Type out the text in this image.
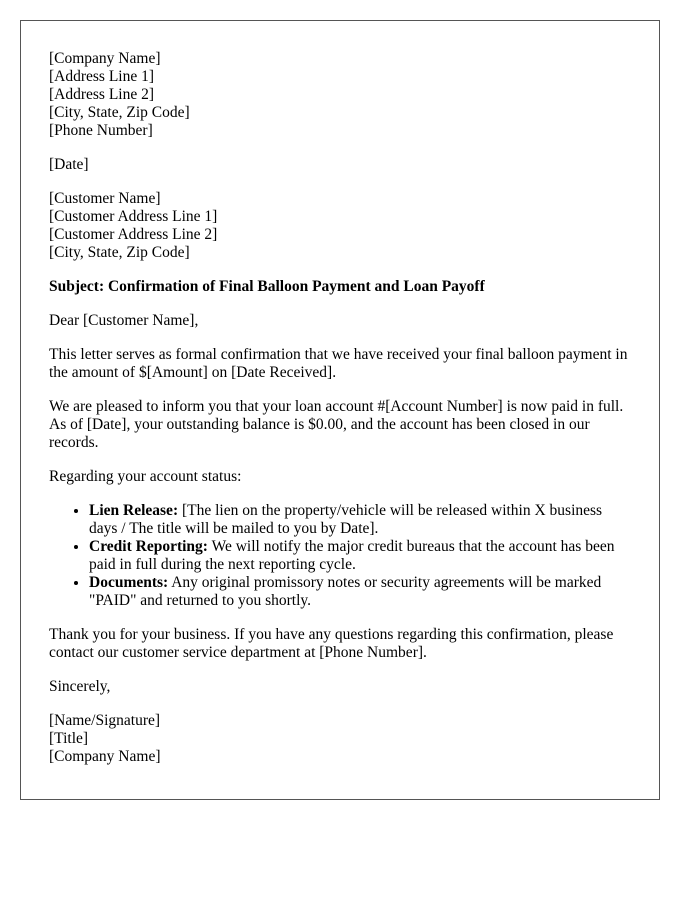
[Company Name]

[Address Line 1]

[Address Line 2]

[City, State, Zip Code]

[Phone Number]

[Date]

[Customer Name]

[Customer Address Line 1]

[Customer Address Line 2]

[City, State, Zip Code]

Subject: Confirmation of Final Balloon Payment and Loan Payoff

Dear [Customer Name],

This letter serves as formal confirmation that we have received your final balloon payment in the amount of $[Amount] on [Date Received].

We are pleased to inform you that your loan account #[Account Number] is now paid in full. As of [Date], your outstanding balance is $0.00, and the account has been closed in our records.

Regarding your account status:

• Lien Release: [The lien on the property/vehicle will be released within X business days / The title will be mailed to you by Date].
• Credit Reporting: We will notify the major credit bureaus that the account has been paid in full during the next reporting cycle.
• Documents: Any original promissory notes or security agreements will be marked "PAID" and returned to you shortly.

Thank you for your business. If you have any questions regarding this confirmation, please contact our customer service department at [Phone Number].

Sincerely,

[Name/Signature]

[Title]

[Company Name]
